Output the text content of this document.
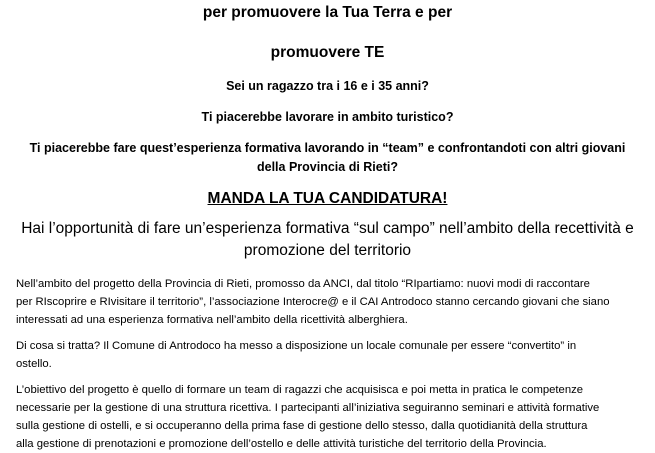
per promuovere la Tua Terra e per
promuovere TE
Sei un ragazzo tra i 16 e i 35 anni?
Ti piacerebbe lavorare in ambito turistico?
Ti piacerebbe fare quest’esperienza formativa lavorando in “team” e confrontandoti con altri giovani
della Provincia di Rieti?
MANDA LA TUA CANDIDATURA!
Hai l’opportunità di fare un’esperienza formativa “sul campo” nell’ambito della recettività e
promozione del territorio
Nell’ambito del progetto della Provincia di Rieti, promosso da ANCI, dal titolo “RIpartiamo: nuovi modi di raccontare
per RIscoprire e RIvisitare il territorio”, l’associazione Interocre@ e il CAI Antrodoco stanno cercando giovani che siano
interessati ad una esperienza formativa nell’ambito della ricettività alberghiera.
Di cosa si tratta? Il Comune di Antrodoco ha messo a disposizione un locale comunale per essere “convertito” in
ostello.
L’obiettivo del progetto è quello di formare un team di ragazzi che acquisisca e poi metta in pratica le competenze
necessarie per la gestione di una struttura ricettiva. I partecipanti all’iniziativa seguiranno seminari e attività formative
sulla gestione di ostelli, e si occuperanno della prima fase di gestione dello stesso, dalla quotidianità della struttura
alla gestione di prenotazioni e promozione dell’ostello e delle attività turistiche del territorio della Provincia.
